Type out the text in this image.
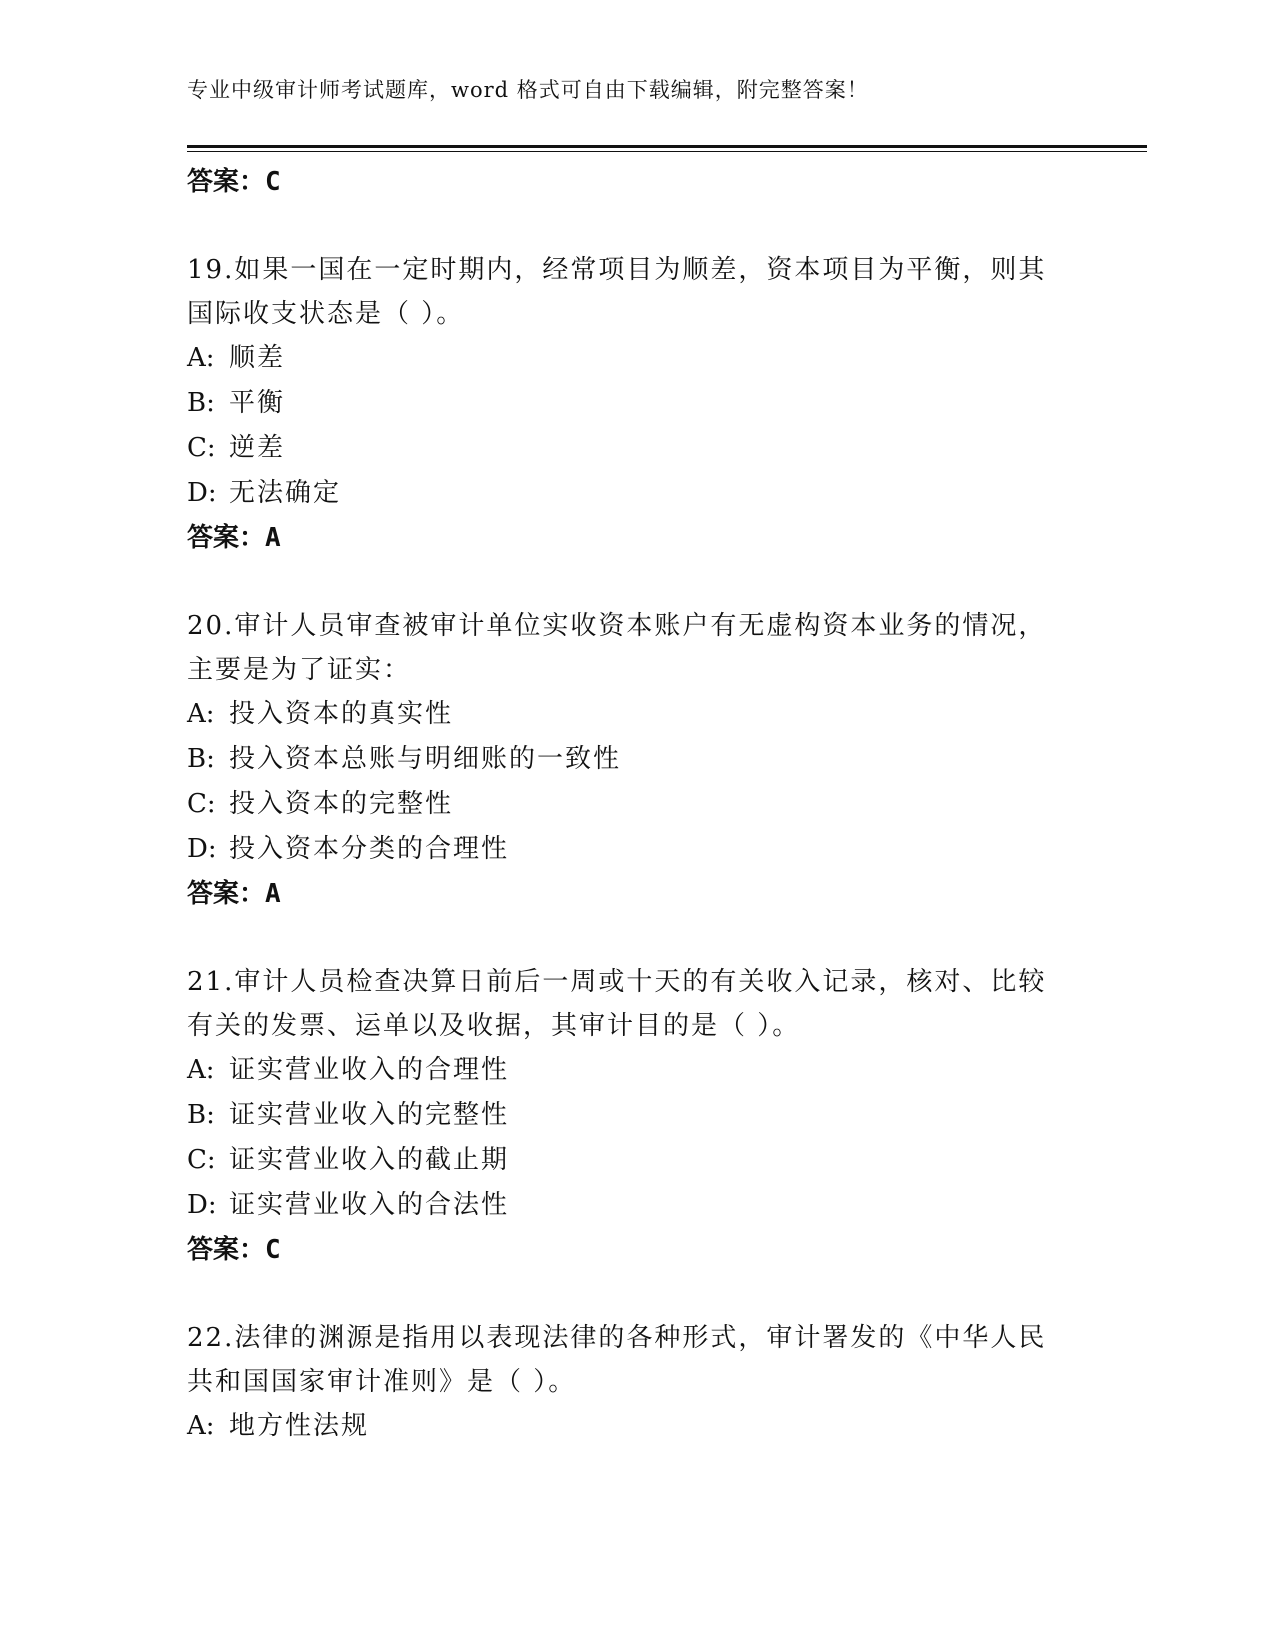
专业中级审计师考试题库，word 格式可自由下载编辑，附完整答案！
答案：C
19.如果一国在一定时期内，经常项目为顺差，资本项目为平衡，则其
国际收支状态是（ ）。
A: 顺差
B: 平衡
C: 逆差
D: 无法确定
答案：A
20.审计人员审查被审计单位实收资本账户有无虚构资本业务的情况，
主要是为了证实：
A: 投入资本的真实性
B: 投入资本总账与明细账的一致性
C: 投入资本的完整性
D: 投入资本分类的合理性
答案：A
21.审计人员检查决算日前后一周或十天的有关收入记录，核对、比较
有关的发票、运单以及收据，其审计目的是（ ）。
A: 证实营业收入的合理性
B: 证实营业收入的完整性
C: 证实营业收入的截止期
D: 证实营业收入的合法性
答案：C
22.法律的渊源是指用以表现法律的各种形式，审计署发的《中华人民
共和国国家审计准则》是（ ）。
A: 地方性法规
